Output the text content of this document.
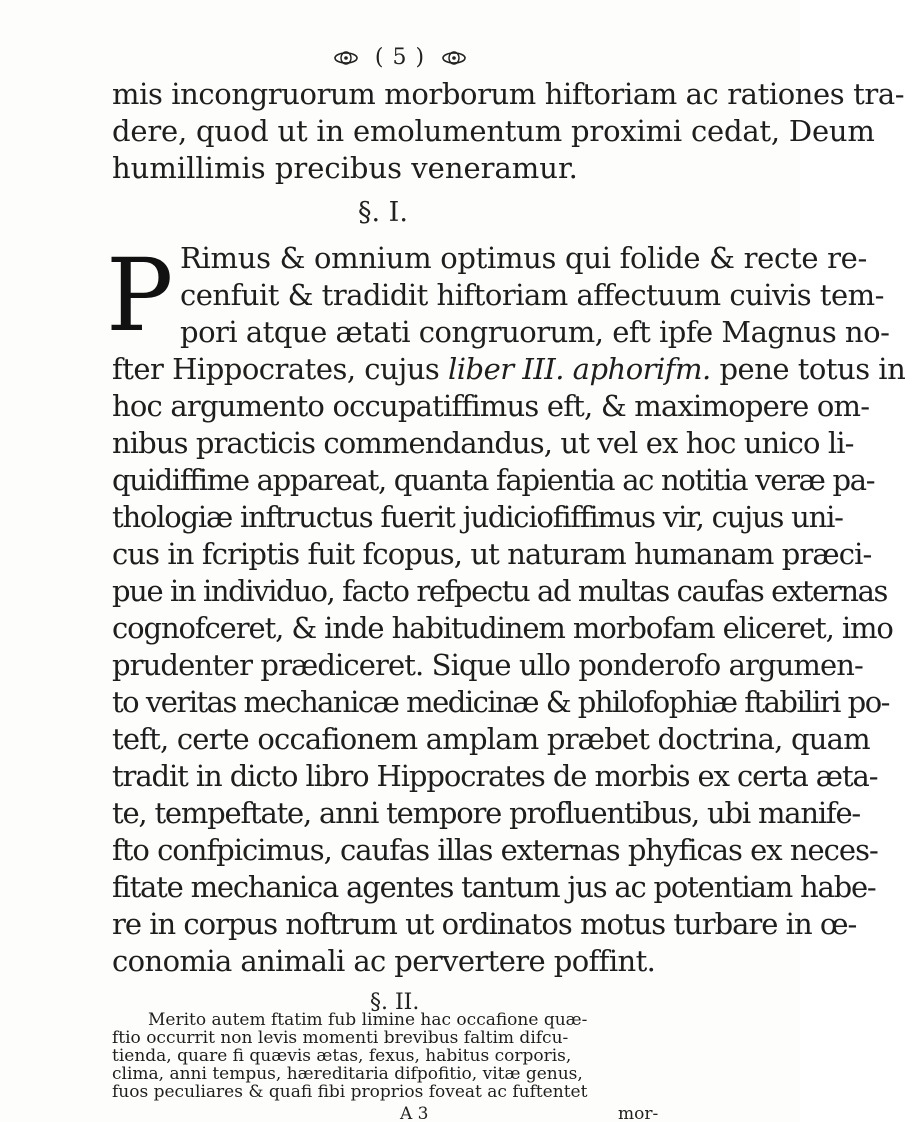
( 5 )
mis incongruorum morborum hiftoriam ac rationes tra-
dere, quod ut in emolumentum proximi cedat, Deum
humillimis precibus veneramur.
§. I.
P Rimus & omnium optimus qui folide & recte re-
cenfuit & tradidit hiftoriam affectuum cuivis tem-
pori atque ætati congruorum, eft ipfe Magnus no-
fter Hippocrates, cujus liber III. aphorifm. pene totus in
hoc argumento occupatiffimus eft, & maximopere om-
nibus practicis commendandus, ut vel ex hoc unico li-
quidiffime appareat, quanta fapientia ac notitia veræ pa-
thologiæ inftructus fuerit judiciofiffimus vir, cujus uni-
cus in fcriptis fuit fcopus, ut naturam humanam præci-
pue in individuo, facto refpectu ad multas caufas externas
cognofceret, & inde habitudinem morbofam eliceret, imo
prudenter prædiceret. Sique ullo ponderofo argumen-
to veritas mechanicæ medicinæ & philofophiæ ftabiliri po-
teft, certe occafionem amplam præbet doctrina, quam
tradit in dicto libro Hippocrates de morbis ex certa æta-
te, tempeftate, anni tempore profluentibus, ubi manife-
fto confpicimus, caufas illas externas phyficas ex neces-
fitate mechanica agentes tantum jus ac potentiam habe-
re in corpus noftrum ut ordinatos motus turbare in œ-
conomia animali ac pervertere poffint.
§. II.
A 3	mor-
Merito autem ftatim fub limine hac occafione quæ-
ftio occurrit non levis momenti brevibus faltim difcu-
tienda, quare fi quævis ætas, fexus, habitus corporis,
clima, anni tempus, hæreditaria difpofitio, vitæ genus,
fuos peculiares & quafi fibi proprios foveat ac fuftentet
